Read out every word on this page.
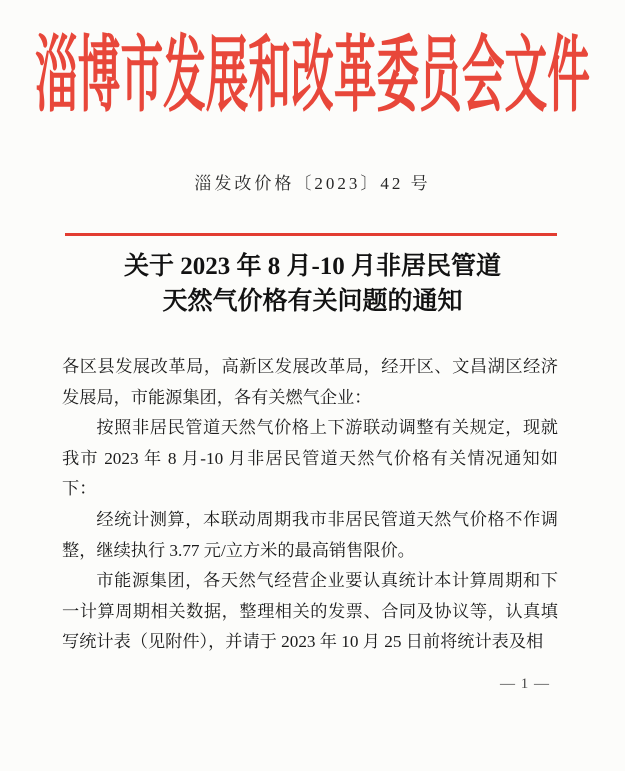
淄博市发展和改革委员会文件
淄发改价格〔2023〕42 号
关于 2023 年 8 月-10 月非居民管道
天然气价格有关问题的通知

各区县发展改革局，高新区发展改革局，经开区、文昌湖区经济发展局，市能源集团，各有关燃气企业：

按照非居民管道天然气价格上下游联动调整有关规定，现就我市 2023 年 8 月-10 月非居民管道天然气价格有关情况通知如下：

经统计测算，本联动周期我市非居民管道天然气价格不作调整，继续执行 3.77 元/立方米的最高销售限价。

市能源集团，各天然气经营企业要认真统计本计算周期和下一计算周期相关数据，整理相关的发票、合同及协议等，认真填写统计表（见附件），并请于 2023 年 10 月 25 日前将统计表及相

— 1 —
